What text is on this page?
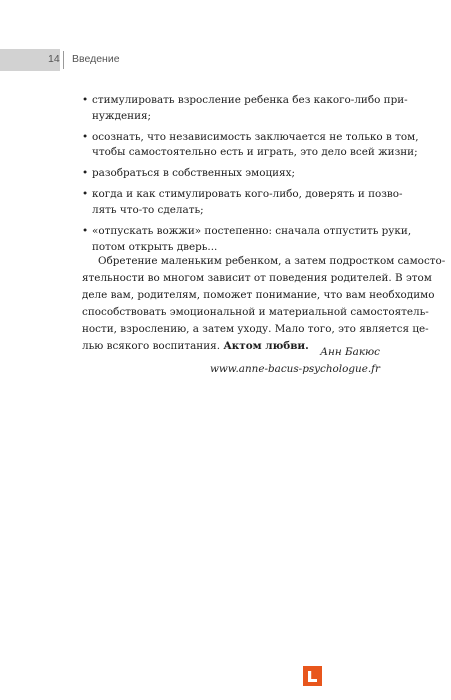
14 Введение
• стимулировать взросление ребенка без какого-либо при-
нуждения;
• осознать, что независимость заключается не только в том,
чтобы самостоятельно есть и играть, это дело всей жизни;
• разобраться в собственных эмоциях;
• когда и как стимулировать кого-либо, доверять и позво-
лять что-то сделать;
• «отпускать вожжи» постепенно: сначала отпустить руки,
потом открыть дверь...
Обретение маленьким ребенком, а затем подростком самосто-
ятельности во многом зависит от поведения родителей. В этом
деле вам, родителям, поможет понимание, что вам необходимо
способствовать эмоциональной и материальной самостоятель-
ности, взрослению, а затем уходу. Мало того, это является це-
лью всякого воспитания. Актом любви.	Анн Бакюс
www.anne-bacus-psychologue.fr
